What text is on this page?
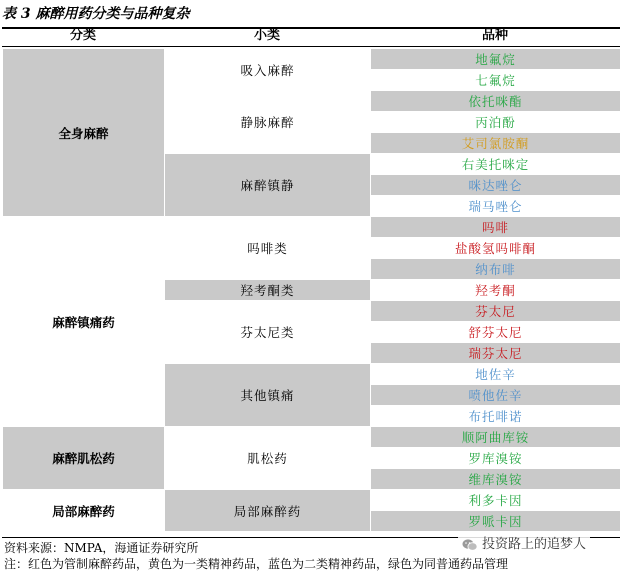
表 3 麻醉用药分类与品种复杂
分类	小类	品种
全身麻醉	吸入麻醉	地氟烷
		七氟烷
	静脉麻醉	依托咪酯
		丙泊酚
		艾司氯胺酮
	麻醉镇静	右美托咪定
		咪达唑仑
		瑞马唑仑
麻醉镇痛药	吗啡类	吗啡
		盐酸氢吗啡酮
		纳布啡
	羟考酮类	羟考酮
	芬太尼类	芬太尼
		舒芬太尼
		瑞芬太尼
	其他镇痛	地佐辛
		喷他佐辛
		布托啡诺
麻醉肌松药	肌松药	顺阿曲库铵
		罗库溴铵
		维库溴铵
局部麻醉药	局部麻醉药	利多卡因
		罗哌卡因
资料来源：NMPA，海通证券研究所
注：红色为管制麻醉药品，黄色为一类精神药品，蓝色为二类精神药品，绿色为同普通药品管理
投资路上的追梦人
